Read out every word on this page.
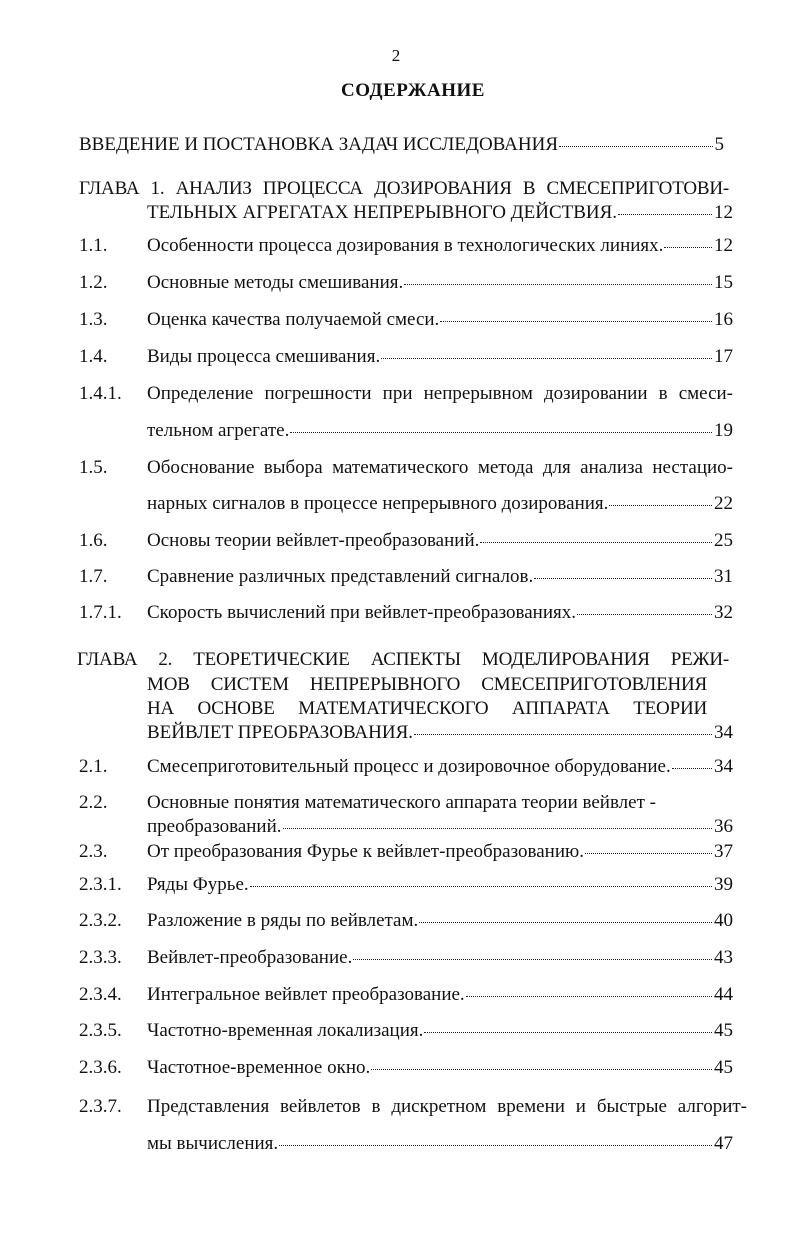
2
СОДЕРЖАНИЕ
ВВЕДЕНИЕ И ПОСТАНОВКА ЗАДАЧ ИССЛЕДОВАНИЯ	5
ГЛАВА 1. АНАЛИЗ ПРОЦЕССА ДОЗИРОВАНИЯ В СМЕСЕПРИГОТОВИ-
ТЕЛЬНЫХ АГРЕГАТАХ НЕПРЕРЫВНОГО ДЕЙСТВИЯ.	12
1.1. Особенности процесса дозирования в технологических линиях.	12
1.2. Основные методы смешивания.	15
1.3. Оценка качества получаемой смеси.	16
1.4. Виды процесса смешивания.	17
1.4.1. Определение погрешности при непрерывном дозировании в смеси-
тельном агрегате.	19
1.5. Обоснование выбора математического метода для анализа нестацио-
нарных сигналов в процессе непрерывного дозирования.	22
1.6. Основы теории вейвлет-преобразований.	25
1.7. Сравнение различных представлений сигналов.	31
1.7.1. Скорость вычислений при вейвлет-преобразованиях.	32
ГЛАВА 2. ТЕОРЕТИЧЕСКИЕ АСПЕКТЫ МОДЕЛИРОВАНИЯ РЕЖИ-
МОВ СИСТЕМ НЕПРЕРЫВНОГО СМЕСЕПРИГОТОВЛЕНИЯ
НА ОСНОВЕ МАТЕМАТИЧЕСКОГО АППАРАТА ТЕОРИИ
ВЕЙВЛЕТ ПРЕОБРАЗОВАНИЯ.	34
2.1. Смесеприготовительный процесс и дозировочное оборудование. 34
2.2. Основные понятия математического аппарата теории вейвлет -
преобразований.	36
2.3. От преобразования Фурье к вейвлет-преобразованию.	37
2.3.1. Ряды Фурье.	39
2.3.2. Разложение в ряды по вейвлетам.	40
2.3.3. Вейвлет-преобразование.	43
2.3.4. Интегральное вейвлет преобразование.	44
2.3.5. Частотно-временная локализация.	45
2.3.6. Частотное-временное окно.	45
2.3.7. Представления вейвлетов в дискретном времени и быстрые алгорит-
мы вычисления.	47
